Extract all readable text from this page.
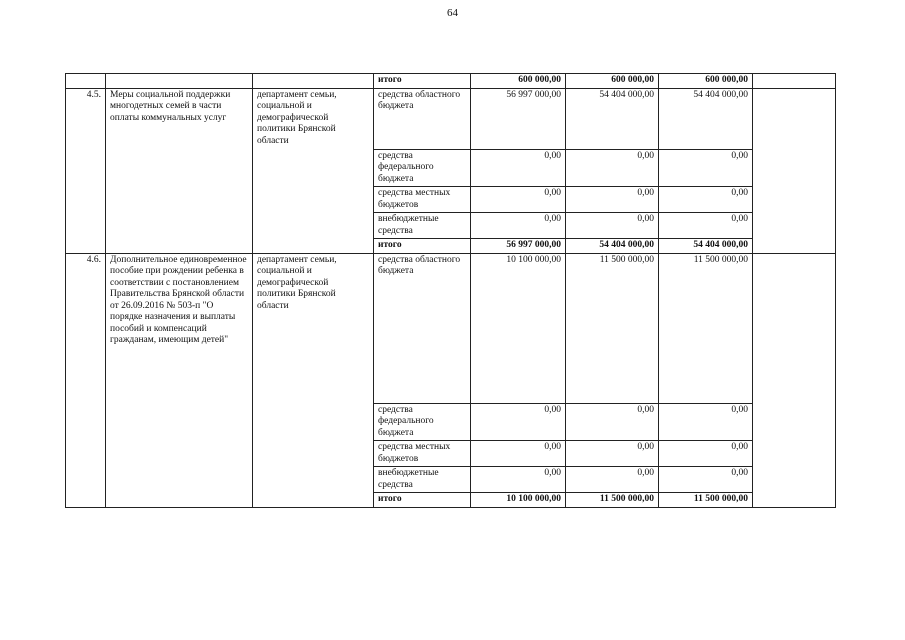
64
			итого	600 000,00	600 000,00	600 000,00	
4.5.	Меры социальной поддержки многодетных семей в части оплаты коммунальных услуг	департамент семьи, социальной и демографической политики Брянской области	средства областного бюджета	56 997 000,00	54 404 000,00	54 404 000,00	
			средства федерального бюджета	0,00	0,00	0,00	
			средства местных бюджетов	0,00	0,00	0,00	
			внебюджетные средства	0,00	0,00	0,00	
			итого	56 997 000,00	54 404 000,00	54 404 000,00	
4.6.	Дополнительное единовременное пособие при рождении ребенка в соответствии с постановлением Правительства Брянской области от 26.09.2016 № 503-п "О порядке назначения и выплаты пособий и компенсаций гражданам, имеющим детей"	департамент семьи, социальной и демографической политики Брянской области	средства областного бюджета	10 100 000,00	11 500 000,00	11 500 000,00	
			средства федерального бюджета	0,00	0,00	0,00	
			средства местных бюджетов	0,00	0,00	0,00	
			внебюджетные средства	0,00	0,00	0,00	
			итого	10 100 000,00	11 500 000,00	11 500 000,00	
